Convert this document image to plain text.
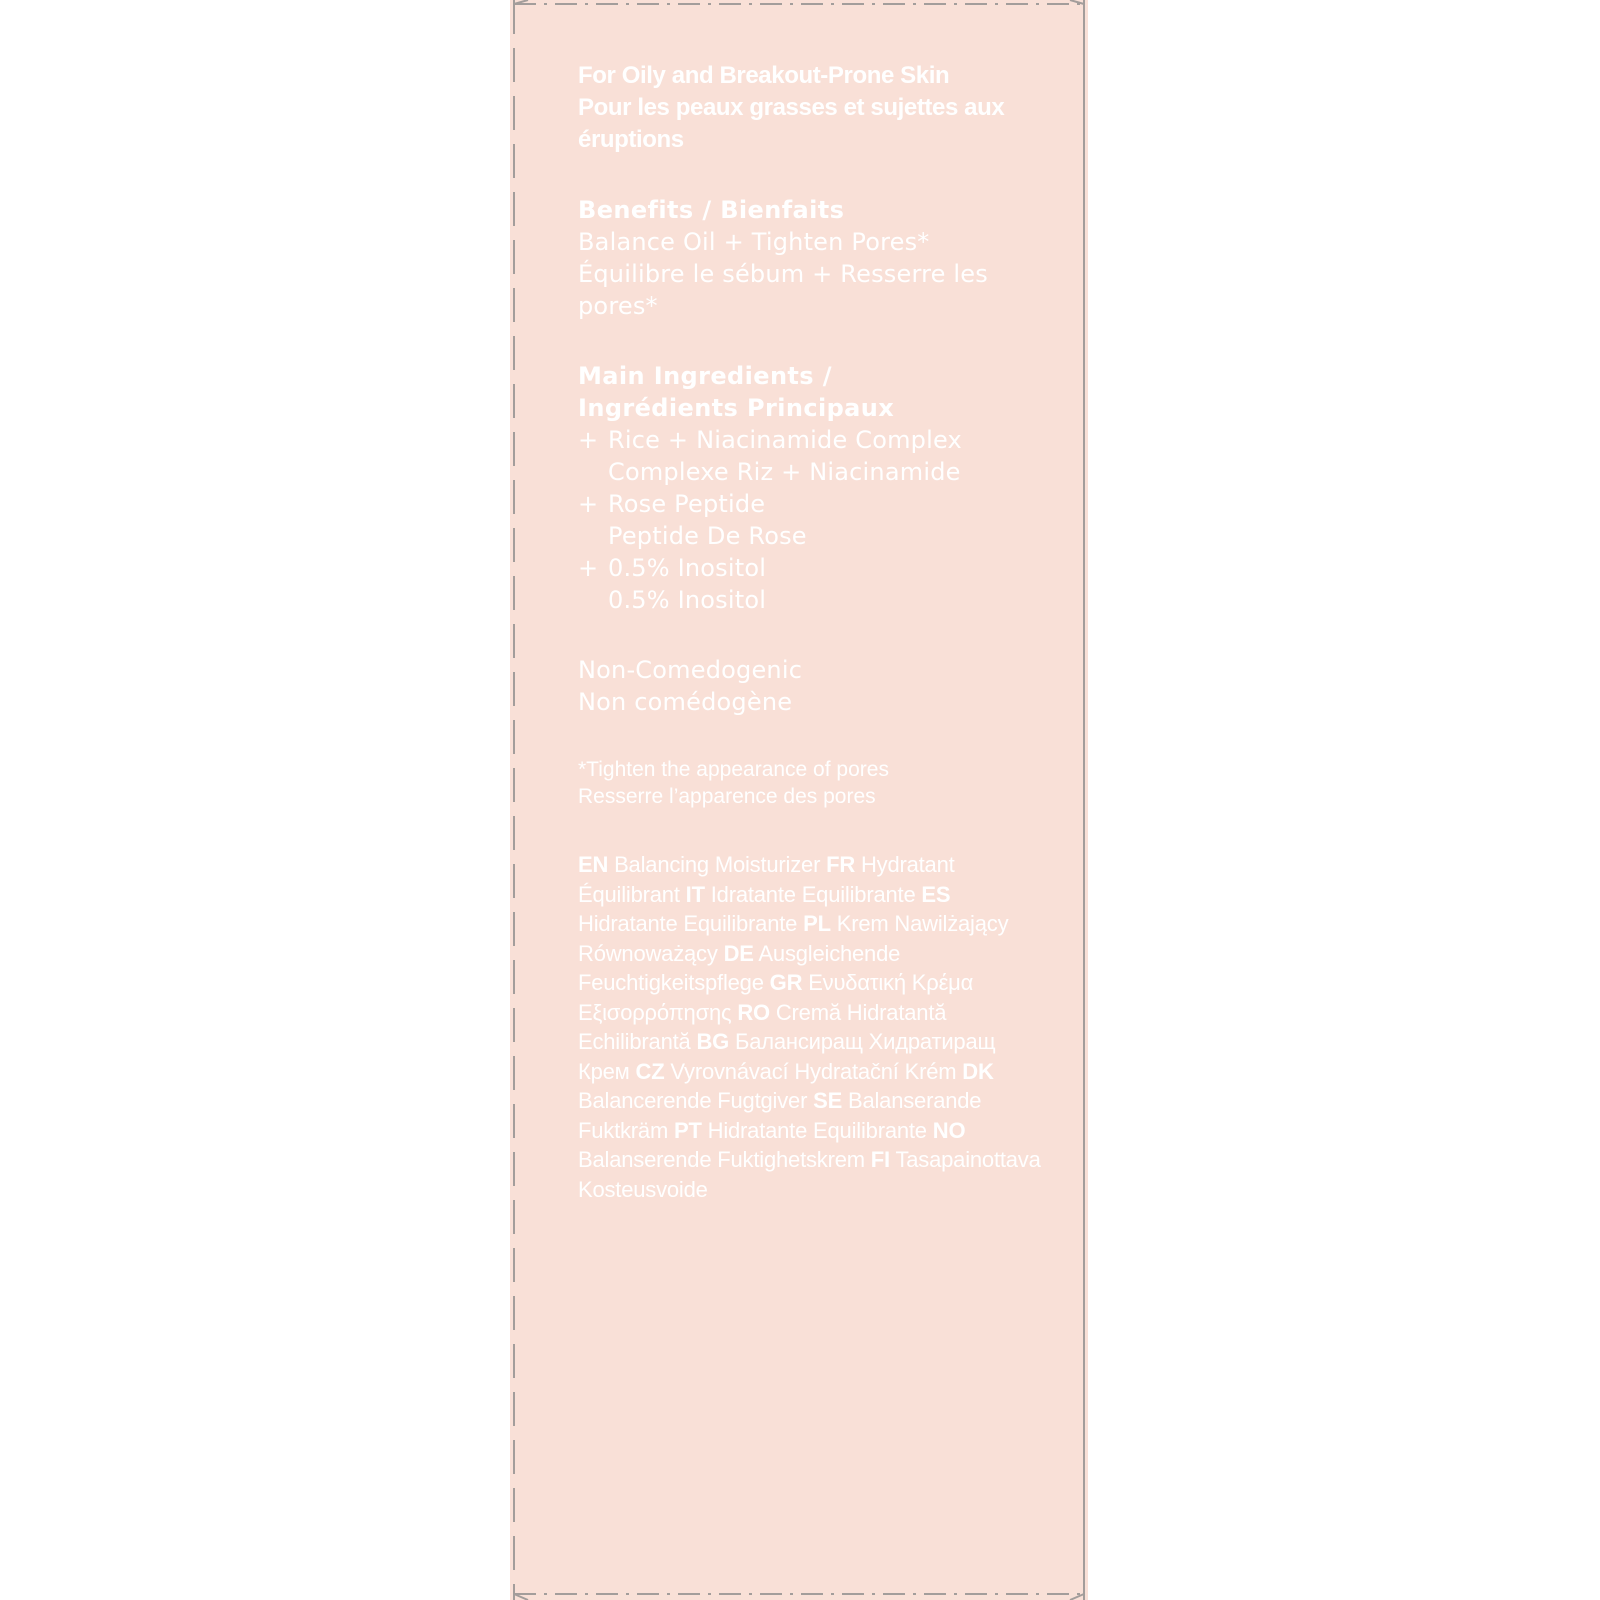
For Oily and Breakout-Prone Skin
Pour les peaux grasses et sujettes aux
éruptions

Benefits / Bienfaits
Balance Oil + Tighten Pores*
Équilibre le sébum + Resserre les pores*
Main Ingredients /
Ingrédients Principaux
+ Rice + Niacinamide Complex
Complexe Riz + Niacinamide
+ Rose Peptide
Peptide De Rose
+ 0.5% Inositol
0.5% Inositol
Non-Comedogenic
Non comédogène
*Tighten the appearance of pores
Resserre l’apparence des pores
EN Balancing Moisturizer FR Hydratant Équilibrant IT Idratante Equilibrante ES Hidratante Equilibrante PL Krem Nawilżający Równoważący DE Ausgleichende Feuchtigkeitspflege GR Ενυδατική Κρέμα Εξισορρόπησης RO Cremă Hidratantă Echilibrantă BG Балансиращ Хидратиращ Крем CZ Vyrovnávací Hydratační Krém DK Balancerende Fugtgiver SE Balanserande Fuktkräm PT Hidratante Equilibrante NO Balanserende Fuktighetskrem FI Tasapainottava Kosteusvoide
